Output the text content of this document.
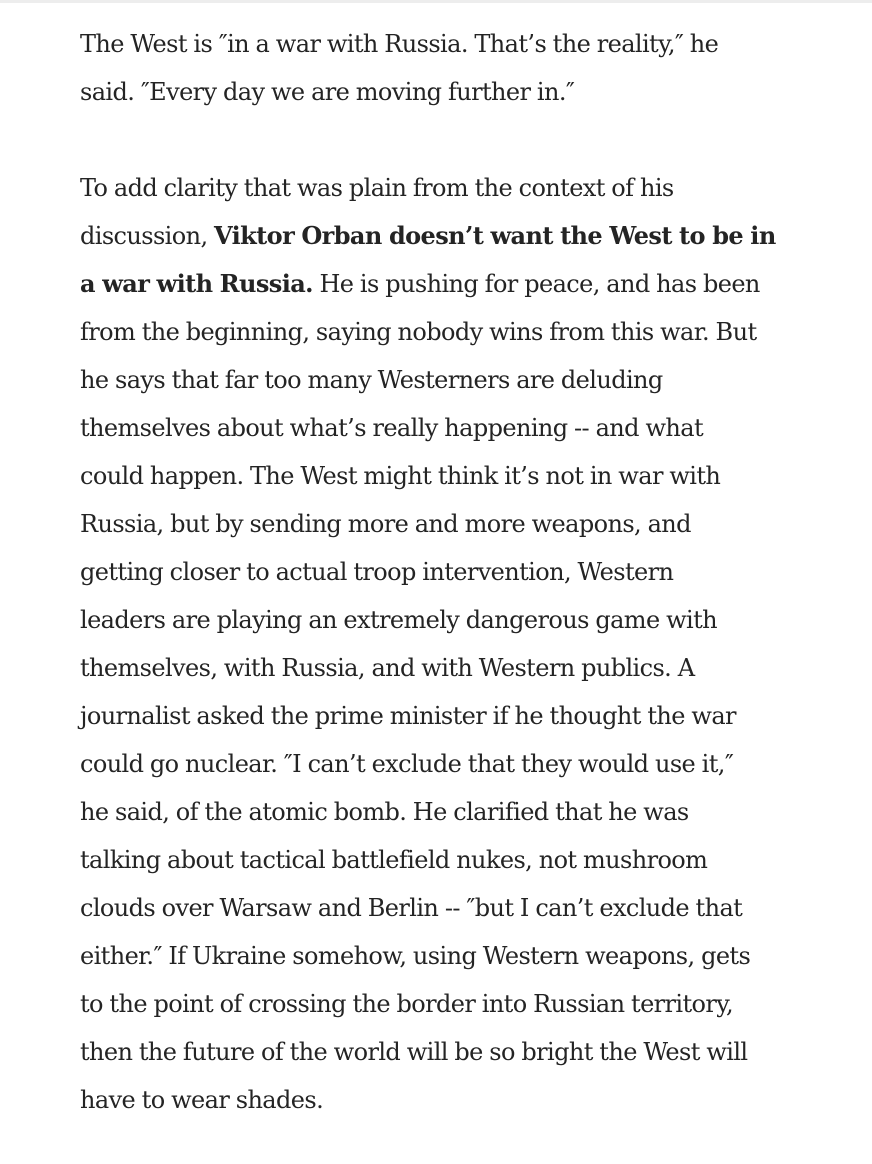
The West is ″in a war with Russia. That’s the reality,″ he
said. ″Every day we are moving further in.″

To add clarity that was plain from the context of his
discussion, Viktor Orban doesn’t want the West to be in
a war with Russia. He is pushing for peace, and has been
from the beginning, saying nobody wins from this war. But
he says that far too many Westerners are deluding
themselves about what’s really happening -- and what
could happen. The West might think it’s not in war with
Russia, but by sending more and more weapons, and
getting closer to actual troop intervention, Western
leaders are playing an extremely dangerous game with
themselves, with Russia, and with Western publics. A
journalist asked the prime minister if he thought the war
could go nuclear. ″I can’t exclude that they would use it,″
he said, of the atomic bomb. He clarified that he was
talking about tactical battlefield nukes, not mushroom
clouds over Warsaw and Berlin -- ″but I can’t exclude that
either.″ If Ukraine somehow, using Western weapons, gets
to the point of crossing the border into Russian territory,
then the future of the world will be so bright the West will
have to wear shades.
